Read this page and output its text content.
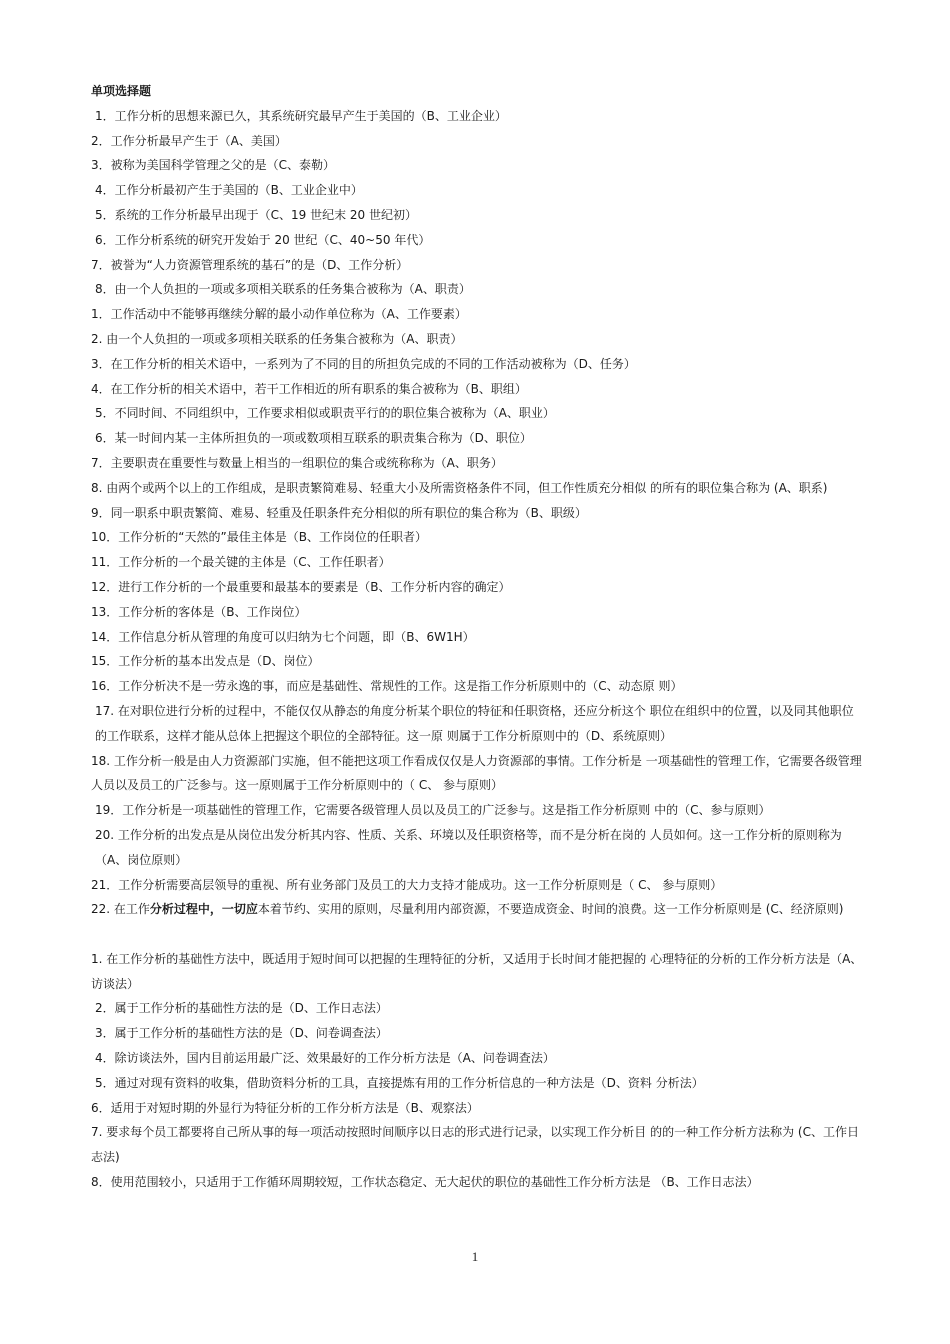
单项选择题
1．工作分析的思想来源已久，其系统研究最早产生于美国的（B、工业企业）
2．工作分析最早产生于（A、美国）
3．被称为美国科学管理之父的是（C、泰勒）
4．工作分析最初产生于美国的（B、工业企业中）
5．系统的工作分析最早出现于（C、19 世纪末 20 世纪初）
6．工作分析系统的研究开发始于 20 世纪（C、40~50 年代）
7．被誉为“人力资源管理系统的基石”的是（D、工作分析）
8．由一个人负担的一项或多项相关联系的任务集合被称为（A、职责）
1．工作活动中不能够再继续分解的最小动作单位称为（A、工作要素）
2. 由一个人负担的一项或多项相关联系的任务集合被称为（A、职责）
3．在工作分析的相关术语中，一系列为了不同的目的所担负完成的不同的工作活动被称为（D、任务）
4．在工作分析的相关术语中，若干工作相近的所有职系的集合被称为（B、职组）
5．不同时间、不同组织中，工作要求相似或职责平行的的职位集合被称为（A、职业）
6．某一时间内某一主体所担负的一项或数项相互联系的职责集合称为（D、职位）
7．主要职责在重要性与数量上相当的一组职位的集合或统称称为（A、职务）
8. 由两个或两个以上的工作组成，是职责繁简难易、轻重大小及所需资格条件不同，但工作性质充分相似 的所有的职位集合称为 (A、职系)
9．同一职系中职责繁简、难易、轻重及任职条件充分相似的所有职位的集合称为（B、职级）
10．工作分析的“天然的”最佳主体是（B、工作岗位的任职者）
11．工作分析的一个最关键的主体是（C、工作任职者）
12．进行工作分析的一个最重要和最基本的要素是（B、工作分析内容的确定）
13．工作分析的客体是（B、工作岗位）
14．工作信息分析从管理的角度可以归纳为七个问题，即（B、6W1H）
15．工作分析的基本出发点是（D、岗位）
16．工作分析决不是一劳永逸的事，而应是基础性、常规性的工作。这是指工作分析原则中的（C、动态原 则）
17. 在对职位进行分析的过程中，不能仅仅从静态的角度分析某个职位的特征和任职资格，还应分析这个 职位在组织中的位置，以及同其他职位的工作联系，这样才能从总体上把握这个职位的全部特征。这一原 则属于工作分析原则中的（D、系统原则）
18. 工作分析一般是由人力资源部门实施，但不能把这项工作看成仅仅是人力资源部的事情。工作分析是 一项基础性的管理工作，它需要各级管理人员以及员工的广泛参与。这一原则属于工作分析原则中的（ C、 参与原则）
19．工作分析是一项基础性的管理工作，它需要各级管理人员以及员工的广泛参与。这是指工作分析原则 中的（C、参与原则）
20. 工作分析的出发点是从岗位出发分析其内容、性质、关系、环境以及任职资格等，而不是分析在岗的 人员如何。这一工作分析的原则称为（A、岗位原则）
21．工作分析需要高层领导的重视、所有业务部门及员工的大力支持才能成功。这一工作分析原则是（ C、 参与原则）
22. 在工作分析过程中，一切应本着节约、实用的原则，尽量利用内部资源，不要造成资金、时间的浪费。这一工作分析原则是 (C、经济原则)
1. 在工作分析的基础性方法中，既适用于短时间可以把握的生理特征的分析，又适用于长时间才能把握的 心理特征的分析的工作分析方法是（A、访谈法）
2．属于工作分析的基础性方法的是（D、工作日志法）
3．属于工作分析的基础性方法的是（D、问卷调查法）
4．除访谈法外，国内目前运用最广泛、效果最好的工作分析方法是（A、问卷调查法）
5．通过对现有资料的收集，借助资料分析的工具，直接提炼有用的工作分析信息的一种方法是（D、资料 分析法）
6．适用于对短时期的外显行为特征分析的工作分析方法是（B、观察法）
7. 要求每个员工都要将自己所从事的每一项活动按照时间顺序以日志的形式进行记录，以实现工作分析目 的的一种工作分析方法称为 (C、工作日志法)
8．使用范围较小，只适用于工作循环周期较短，工作状态稳定、无大起伏的职位的基础性工作分析方法是 （B、工作日志法）
1
